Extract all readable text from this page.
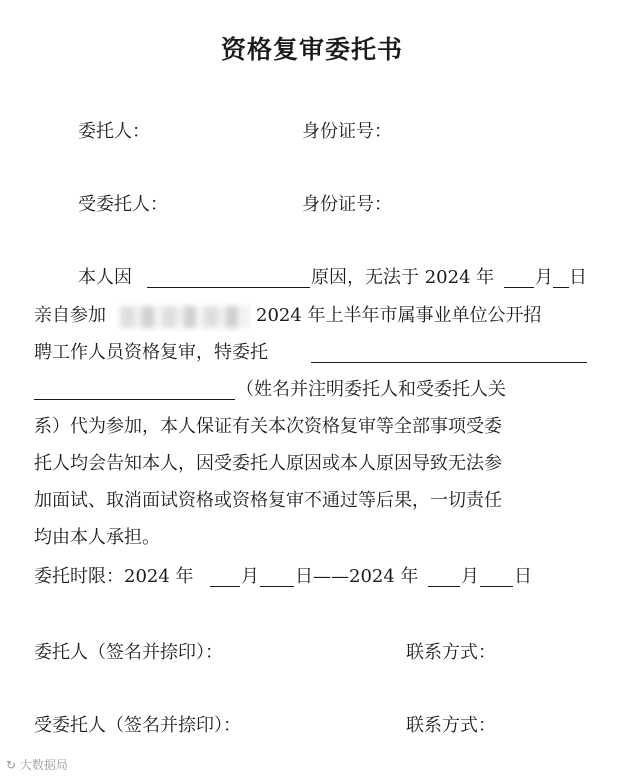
资格复审委托书
委托人：	身份证号：
受委托人：	身份证号：
本人因	原因，无法于 2024 年 月 日
亲自参加	2024 年上半年市属事业单位公开招
聘工作人员资格复审，特委托
（姓名并注明委托人和受委托人关
系）代为参加，本人保证有关本次资格复审等全部事项受委
托人均会告知本人，因受委托人原因或本人原因导致无法参
加面试、取消面试资格或资格复审不通过等后果，一切责任
均由本人承担。
委托时限：2024 年	月 日——2024 年 月 日
委托人（签名并捺印）：	联系方式：
受委托人（签名并捺印）：	联系方式：
↻ 大数据局
